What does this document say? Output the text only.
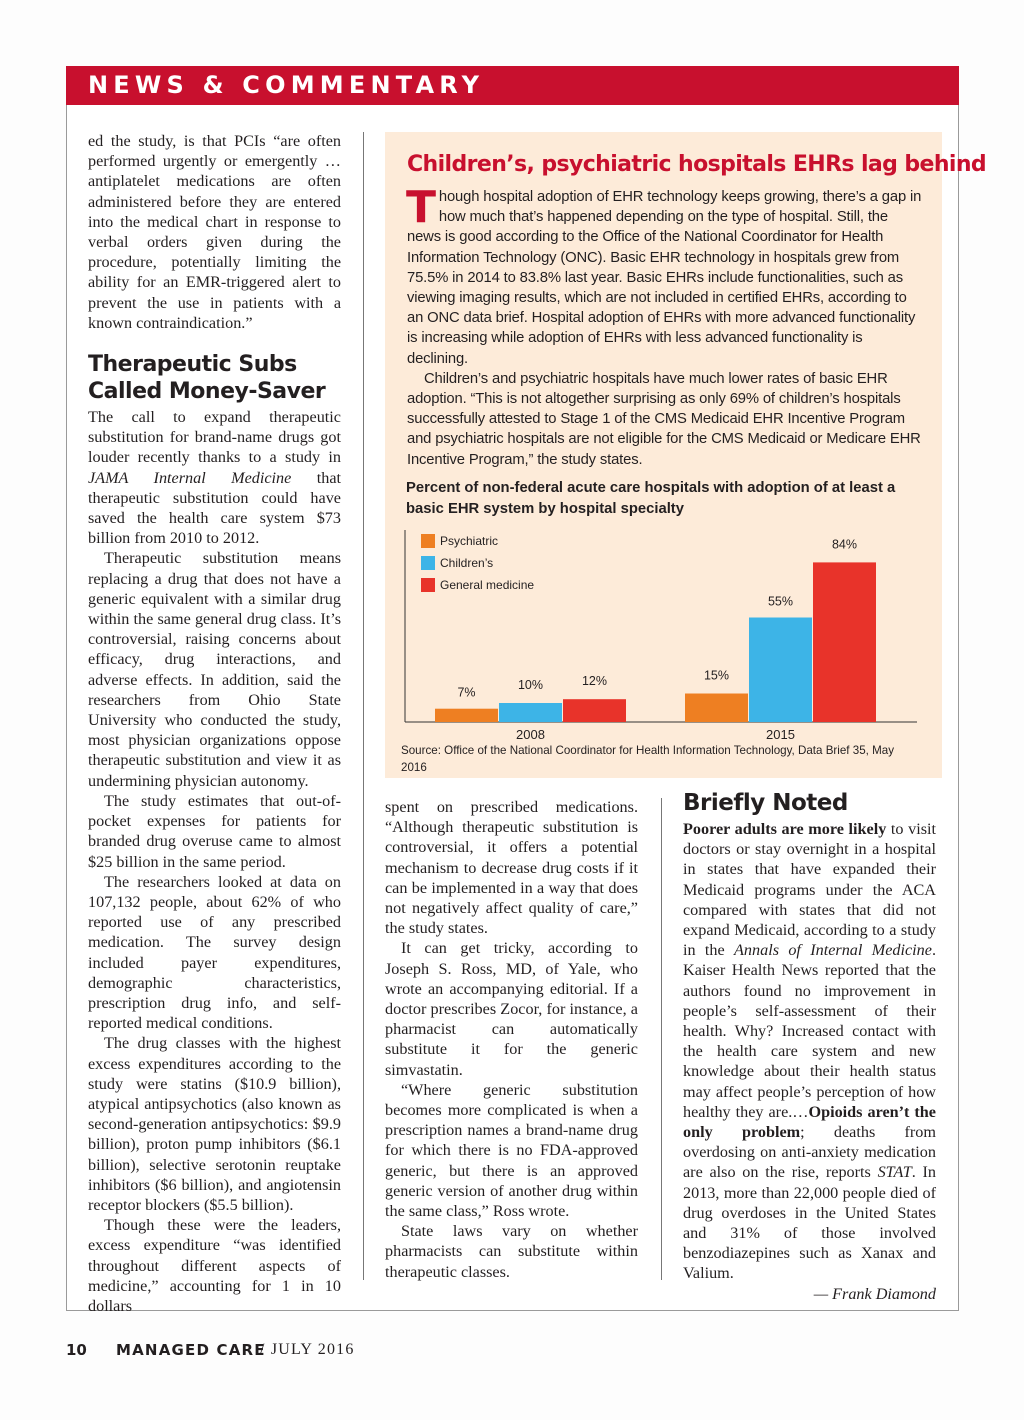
NEWS & COMMENTARY

ed the study, is that PCIs “are often performed urgently or emergently … antiplatelet medications are often administered before they are entered into the medical chart in response to verbal orders given during the procedure, potentially limiting the ability for an EMR-triggered alert to prevent the use in patients with a known contraindication.”

Therapeutic Subs Called Money-Saver

The call to expand therapeutic substitution for brand-name drugs got louder recently thanks to a study in JAMA Internal Medicine that therapeutic substitution could have saved the health care system $73 billion from 2010 to 2012.

Therapeutic substitution means replacing a drug that does not have a generic equivalent with a similar drug within the same general drug class. It’s controversial, raising concerns about efficacy, drug interactions, and adverse effects. In addition, said the researchers from Ohio State University who conducted the study, most physician organizations oppose therapeutic substitution and view it as undermining physician autonomy.

The study estimates that out-of-pocket expenses for patients for branded drug overuse came to almost $25 billion in the same period.

The researchers looked at data on 107,132 people, about 62% of who reported use of any prescribed medication. The survey design included payer expenditures, demographic characteristics, prescription drug info, and self-reported medical conditions.

The drug classes with the highest excess expenditures according to the study were statins ($10.9 billion), atypical antipsychotics (also known as second-generation antipsychotics: $9.9 billion), proton pump inhibitors ($6.1 billion), selective serotonin reuptake inhibitors ($6 billion), and angiotensin receptor blockers ($5.5 billion).

Though these were the leaders, excess expenditure “was identified throughout different aspects of medicine,” accounting for 1 in 10 dollars

Children’s, psychiatric hospitals EHRs lag behind

Though hospital adoption of EHR technology keeps growing, there’s a gap in how much that’s happened depending on the type of hospital. Still, the news is good according to the Office of the National Coordinator for Health Information Technology (ONC). Basic EHR technology in hospitals grew from 75.5% in 2014 to 83.8% last year. Basic EHRs include functionalities, such as viewing imaging results, which are not included in certified EHRs, according to an ONC data brief. Hospital adoption of EHRs with more advanced functionality is increasing while adoption of EHRs with less advanced functionality is declining.

Children’s and psychiatric hospitals have much lower rates of basic EHR adoption. “This is not altogether surprising as only 69% of children’s hospitals successfully attested to Stage 1 of the CMS Medicaid EHR Incentive Program and psychiatric hospitals are not eligible for the CMS Medicaid or Medicare EHR Incentive Program,” the study states.

Percent of non-federal acute care hospitals with adoption of at least a basic EHR system by hospital specialty
7%
10%	12%
2008
15%
55%
84%
2015
Psychiatric
Children’s
General medicine
Source: Office of the National Coordinator for Health Information Technology, Data Brief 35, May 2016

spent on prescribed medications. “Although therapeutic substitution is controversial, it offers a potential mechanism to decrease drug costs if it can be implemented in a way that does not negatively affect quality of care,” the study states.

It can get tricky, according to Joseph S. Ross, MD, of Yale, who wrote an accompanying editorial. If a doctor prescribes Zocor, for instance, a pharmacist can automatically substitute it for the generic simvastatin.

“Where generic substitution becomes more complicated is when a prescription names a brand-name drug for which there is no FDA-approved generic, but there is an approved generic version of another drug within the same class,” Ross wrote.

State laws vary on whether pharmacists can substitute within therapeutic classes.

Briefly Noted

Poorer adults are more likely to visit doctors or stay overnight in a hospital in states that have expanded their Medicaid programs under the ACA compared with states that did not expand Medicaid, according to a study in the Annals of Internal Medicine. Kaiser Health News reported that the authors found no improvement in people’s self-assessment of their health. Why? Increased contact with the health care system and new knowledge about their health status may affect people’s perception of how healthy they are.…Opioids aren’t the only problem; deaths from overdosing on anti-anxiety medication are also on the rise, reports STAT. In 2013, more than 22,000 people died of drug overdoses in the United States and 31% of those involved benzodiazepines such as Xanax and Valium.

— Frank Diamond
10 MANAGED CARE
/ JULY 2016
